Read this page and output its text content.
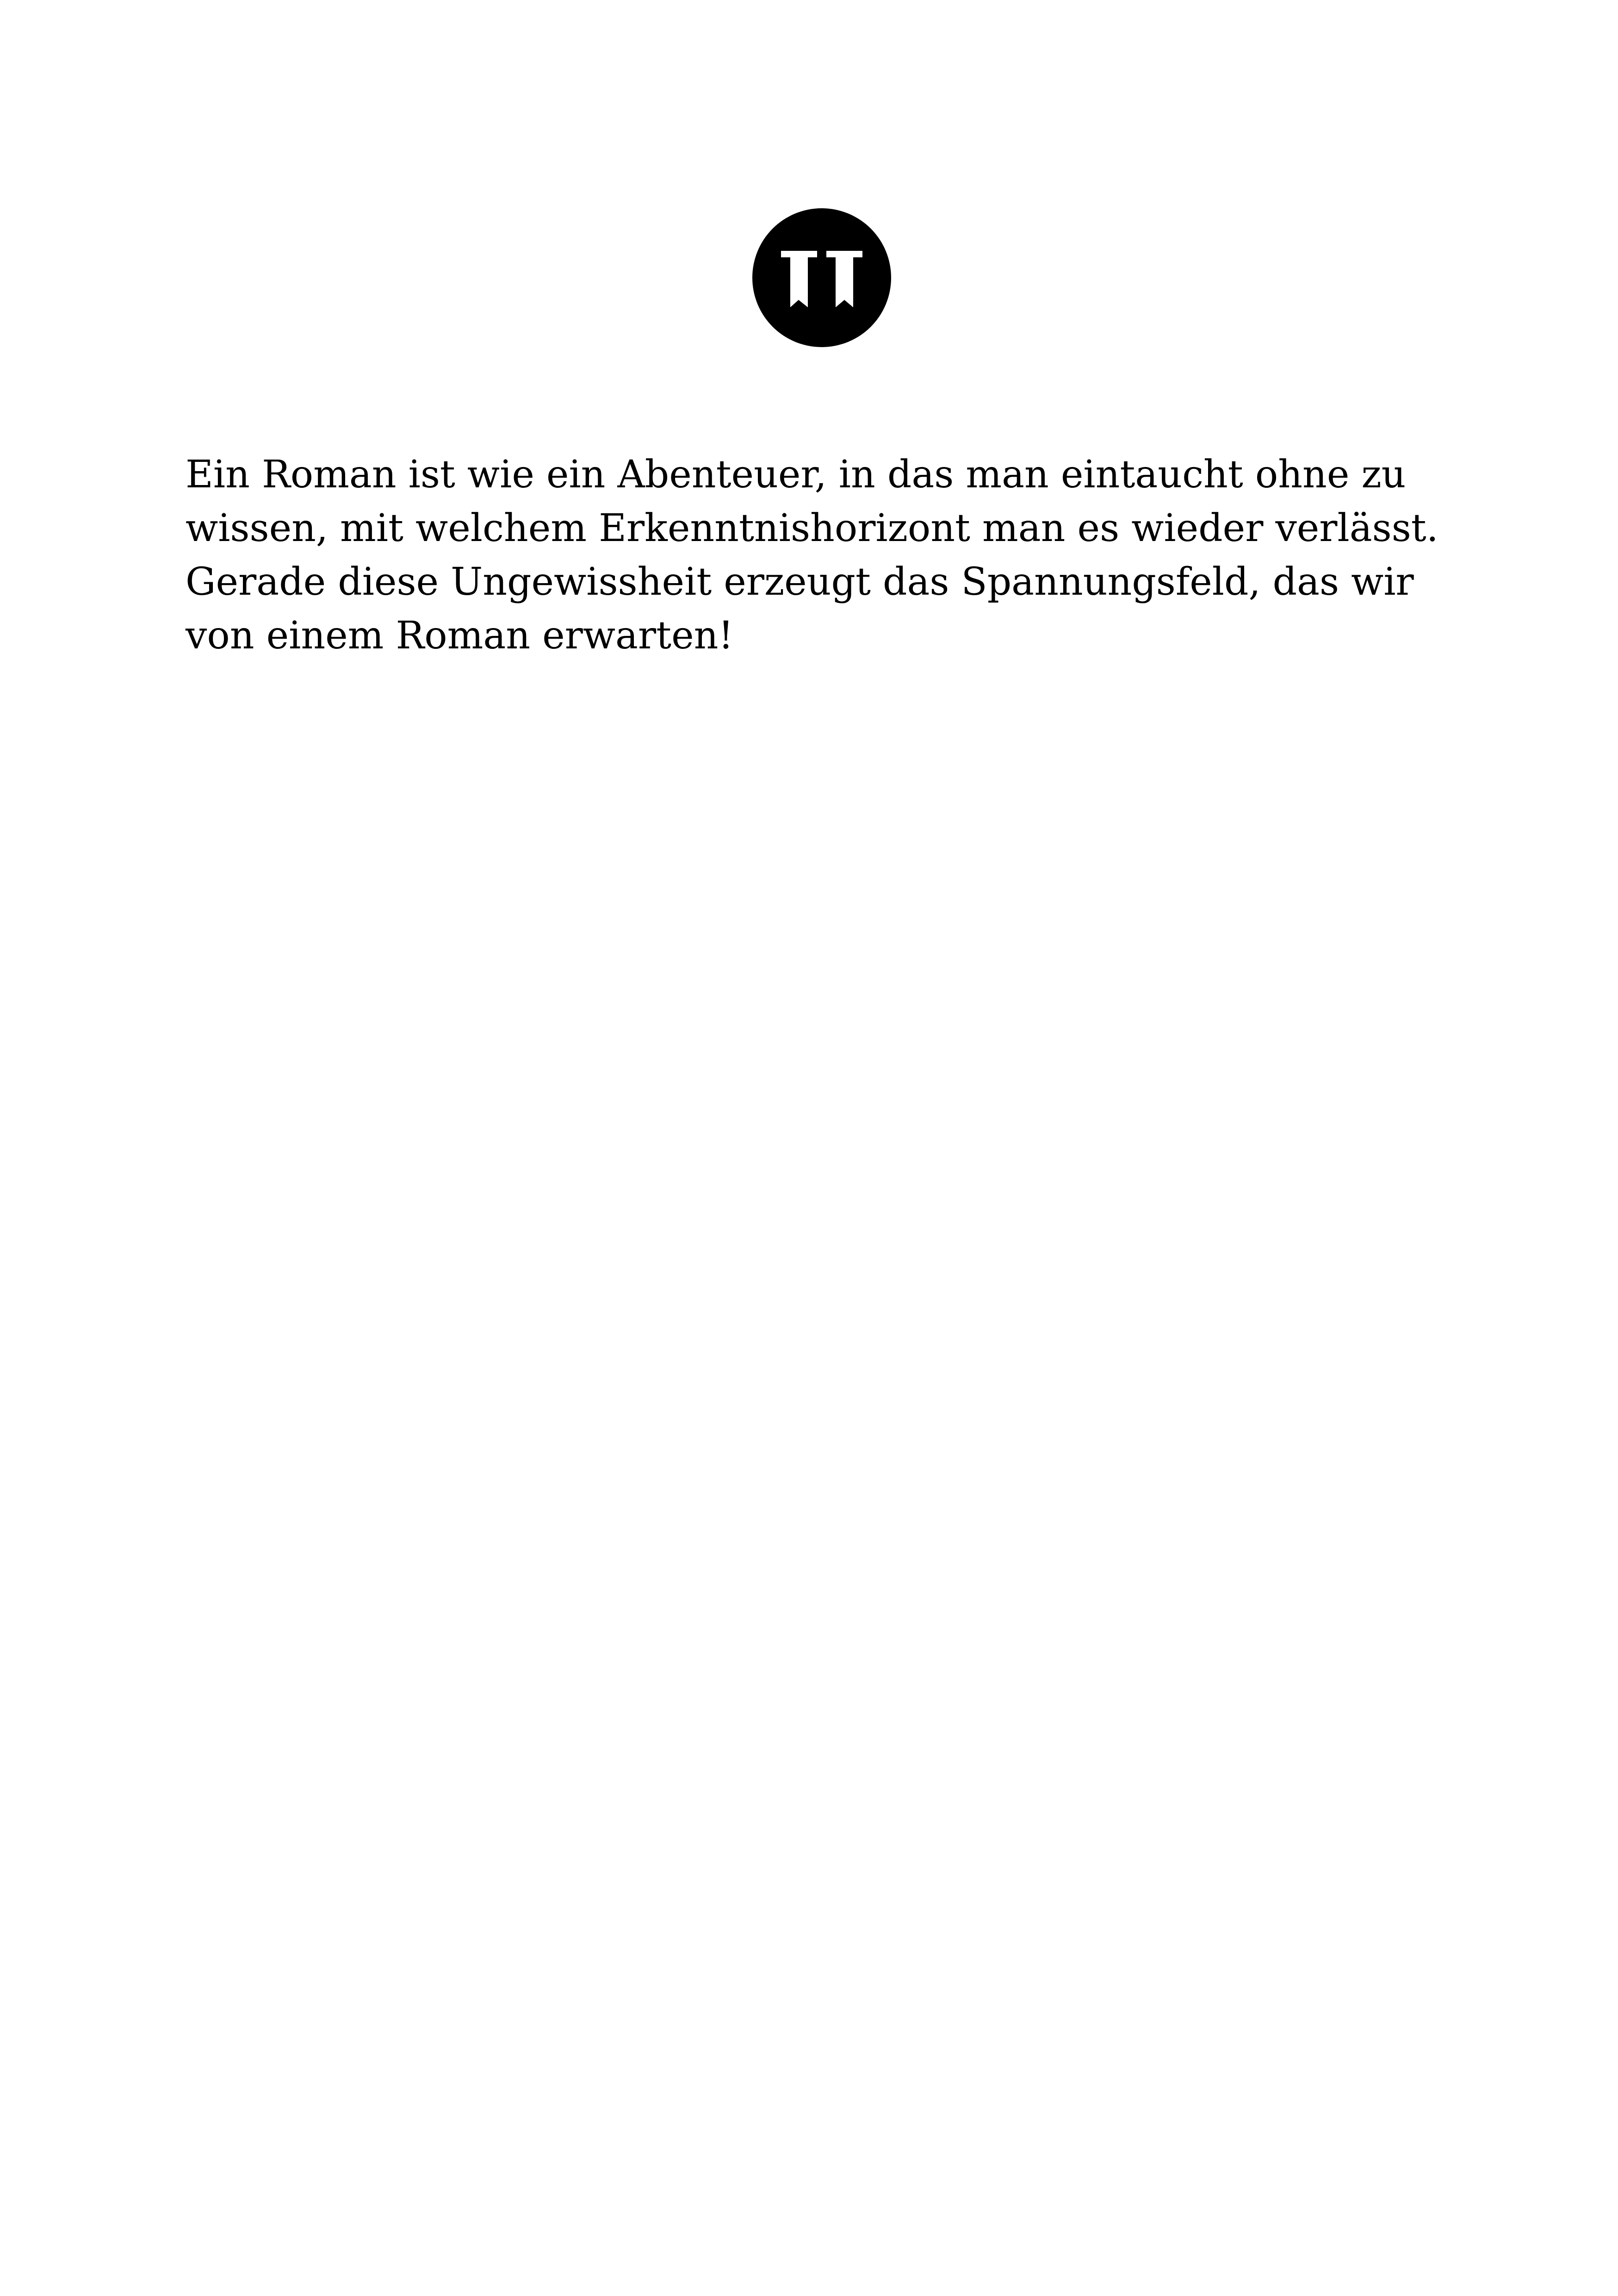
Ein Roman ist wie ein Abenteuer, in das man eintaucht ohne zu
wissen, mit welchem Erkenntnishorizont man es wieder verlässt.
Gerade diese Ungewissheit erzeugt das Spannungsfeld, das wir
von einem Roman erwarten!
